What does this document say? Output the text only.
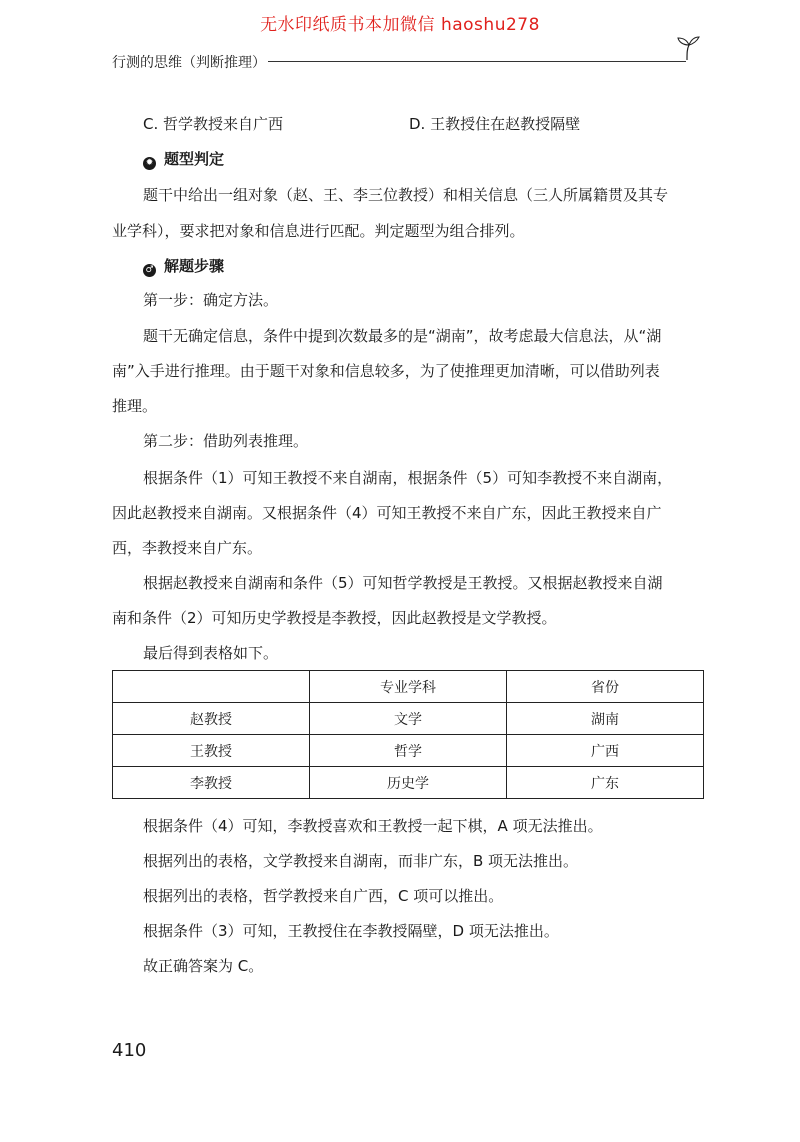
无水印纸质书本加微信 haoshu278
行测的思维（判断推理）
C. 哲学教授来自广西	D. 王教授住在赵教授隔壁
✹ 题型判定
题干中给出一组对象（赵、王、李三位教授）和相关信息（三人所属籍贯及其专
业学科），要求把对象和信息进行匹配。判定题型为组合排列。
♂ 解题步骤
第一步：确定方法。
题干无确定信息，条件中提到次数最多的是“湖南”，故考虑最大信息法，从“湖
南”入手进行推理。由于题干对象和信息较多，为了使推理更加清晰，可以借助列表
推理。
第二步：借助列表推理。
根据条件（1）可知王教授不来自湖南，根据条件（5）可知李教授不来自湖南，
因此赵教授来自湖南。又根据条件（4）可知王教授不来自广东，因此王教授来自广
西，李教授来自广东。
根据赵教授来自湖南和条件（5）可知哲学教授是王教授。又根据赵教授来自湖
南和条件（2）可知历史学教授是李教授，因此赵教授是文学教授。
最后得到表格如下。
	专业学科	省份
赵教授	文学	湖南
王教授	哲学	广西
李教授	历史学	广东
根据条件（4）可知，李教授喜欢和王教授一起下棋，A 项无法推出。
根据列出的表格，文学教授来自湖南，而非广东，B 项无法推出。
根据列出的表格，哲学教授来自广西，C 项可以推出。
根据条件（3）可知，王教授住在李教授隔壁，D 项无法推出。
故正确答案为 C。
410
